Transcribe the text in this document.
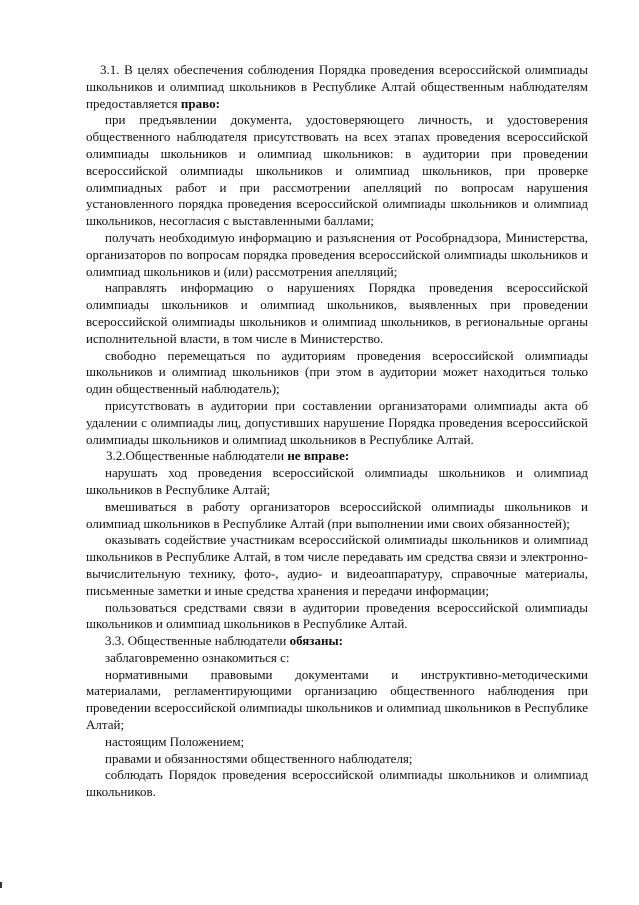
3.1. В целях обеспечения соблюдения Порядка проведения всероссийской олимпиады школьников и олимпиад школьников в Республике Алтай общественным наблюдателям предоставляется право:

при предъявлении документа, удостоверяющего личность, и удостоверения общественного наблюдателя присутствовать на всех этапах проведения всероссийской олимпиады школьников и олимпиад школьников: в аудитории при проведении всероссийской олимпиады школьников и олимпиад школьников, при проверке олимпиадных работ и при рассмотрении апелляций по вопросам нарушения установленного порядка проведения всероссийской олимпиады школьников и олимпиад школьников, несогласия с выставленными баллами;

получать необходимую информацию и разъяснения от Рособрнадзора, Министерства, организаторов по вопросам порядка проведения всероссийской олимпиады школьников и олимпиад школьников и (или) рассмотрения апелляций;

направлять информацию о нарушениях Порядка проведения всероссийской олимпиады школьников и олимпиад школьников, выявленных при проведении всероссийской олимпиады школьников и олимпиад школьников, в региональные органы исполнительной власти, в том числе в Министерство.

свободно перемещаться по аудиториям проведения всероссийской олимпиады школьников и олимпиад школьников (при этом в аудитории может находиться только один общественный наблюдатель);

присутствовать в аудитории при составлении организаторами олимпиады акта об удалении с олимпиады лиц, допустивших нарушение Порядка проведения всероссийской олимпиады школьников и олимпиад школьников в Республике Алтай.

3.2.Общественные наблюдатели не вправе:

нарушать ход проведения всероссийской олимпиады школьников и олимпиад школьников в Республике Алтай;

вмешиваться в работу организаторов всероссийской олимпиады школьников и олимпиад школьников в Республике Алтай (при выполнении ими своих обязанностей);

оказывать содействие участникам всероссийской олимпиады школьников и олимпиад школьников в Республике Алтай, в том числе передавать им средства связи и электронно-вычислительную технику, фото-, аудио- и видеоаппаратуру, справочные материалы, письменные заметки и иные средства хранения и передачи информации;

пользоваться средствами связи в аудитории проведения всероссийской олимпиады школьников и олимпиад школьников в Республике Алтай.

3.3. Общественные наблюдатели обязаны:

заблаговременно ознакомиться с:

нормативными правовыми документами и инструктивно-методическими материалами, регламентирующими организацию общественного наблюдения при проведении всероссийской олимпиады школьников и олимпиад школьников в Республике Алтай;

настоящим Положением;

правами и обязанностями общественного наблюдателя;

соблюдать Порядок проведения всероссийской олимпиады школьников и олимпиад школьников.
